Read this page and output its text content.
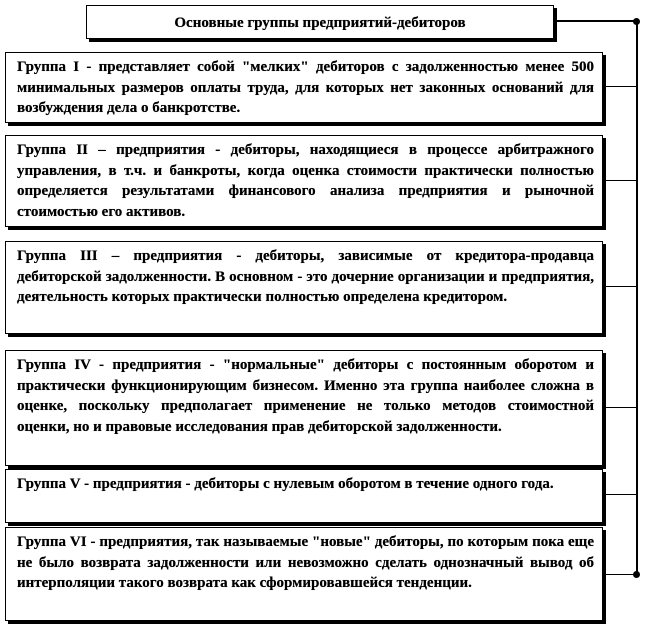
Основные группы предприятий-дебиторов
Группа I - представляет собой "мелких" дебиторов с задолженностью менее 500 минимальных размеров оплаты труда, для которых нет законных оснований для возбуждения дела о банкротстве.
Группа II – предприятия - дебиторы, находящиеся в процессе арбитражного управления, в т.ч. и банкроты, когда оценка стоимости практически полностью определяется результатами финансового анализа предприятия и рыночной стоимостью его активов.
Группа III – предприятия - дебиторы, зависимые от кредитора-продавца дебиторской задолженности. В основном - это дочерние организации и предприятия, деятельность которых практически полностью определена кредитором.
Группа IV - предприятия - "нормальные" дебиторы с постоянным оборотом и практически функционирующим бизнесом. Именно эта группа наиболее сложна в оценке, поскольку предполагает применение не только методов стоимостной оценки, но и правовые исследования прав дебиторской задолженности.
Группа V - предприятия - дебиторы с нулевым оборотом в течение одного года.
Группа VI - предприятия, так называемые "новые" дебиторы, по которым пока еще не было возврата задолженности или невозможно сделать однозначный вывод об интерполяции такого возврата как сформировавшейся тенденции.
